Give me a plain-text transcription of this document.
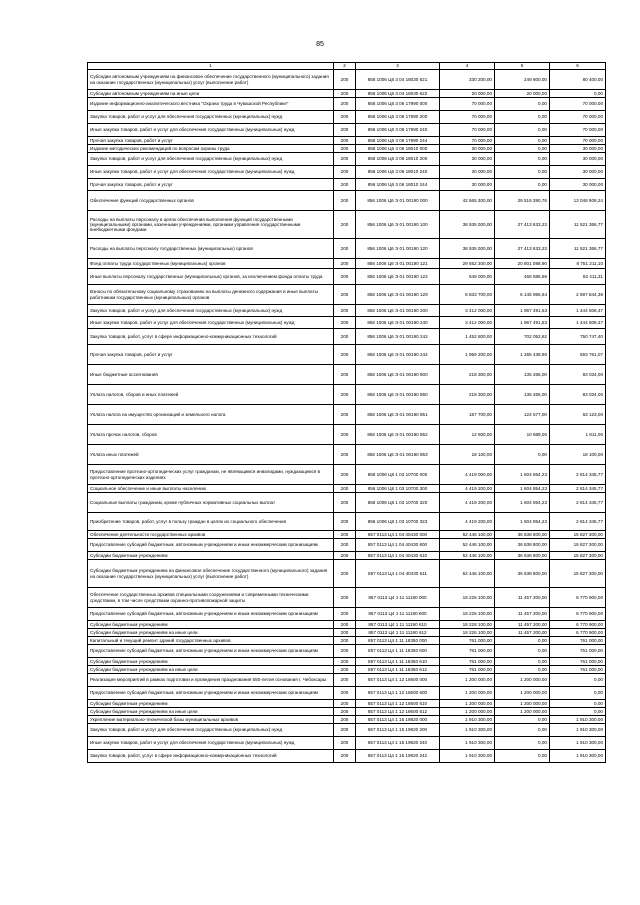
85
1	2	3	4	5	6
Субсидии автономным учреждениям на финансовое обеспечение государственного (муниципального) задания на оказание государственных (муниципальных) услуг (выполнение работ)	200	856 1006 Ц6 3 04 18030 621	330 200,00	249 800,00	80 400,00
Субсидии автономным учреждениям на иные цели	200	856 1006 Ц6 3 04 18030 622	20 000,00	20 000,00	0,00
Издание информационно-аналитического вестника "Охрана труда в Чувашской Республике"	200	856 1006 Ц6 3 06 17990 000	70 000,00	0,00	70 000,00
Закупка товаров, работ и услуг для обеспечения государственных (муниципальных) нужд	200	856 1006 Ц6 3 06 17990 200	70 000,00	0,00	70 000,00
Иные закупки товаров, работ и услуг для обеспечения государственных (муниципальных) нужд	200	856 1006 Ц6 3 06 17990 240	70 000,00	0,00	70 000,00
Прочая закупка товаров, работ и услуг	200	856 1006 Ц6 3 06 17990 244	70 000,00	0,00	70 000,00
Издание методических рекомендаций по вопросам охраны труда	200	856 1006 Ц6 3 06 18010 000	30 000,00	0,00	30 000,00
Закупка товаров, работ и услуг для обеспечения государственных (муниципальных) нужд	200	856 1006 Ц6 3 06 18010 200	30 000,00	0,00	30 000,00
Иные закупки товаров, работ и услуг для обеспечения государственных (муниципальных) нужд	200	856 1006 Ц6 3 06 18010 240	30 000,00	0,00	30 000,00
Прочая закупка товаров, работ и услуг	200	856 1006 Ц6 3 06 18010 244	30 000,00	0,00	30 000,00
Обеспечение функций государственных органов	200	856 1006 Ц6 Э 01 00190 000	42 565 300,00	29 516 390,76	13 048 909,24
Расходы на выплаты персоналу в целях обеспечения выполнения функций государственными (муниципальными) органами, казенными учреждениями, органами управления государственными внебюджетными фондами	200	856 1006 Ц6 Э 01 00190 100	38 935 000,00	27 413 633,23	11 521 366,77
Расходы на выплаты персоналу государственных (муниципальных) органов	200	856 1006 Ц6 Э 01 00190 120	38 935 000,00	27 413 633,23	11 521 366,77
Фонд оплаты труда государственных (муниципальных) органов	200	856 1006 Ц6 Э 01 00190 121	29 552 300,00	20 801 088,90	8 751 211,10
Иные выплаты персоналу государственных (муниципальных) органов, за исключением фонда оплаты труда	200	856 1006 Ц6 Э 01 00190 122	549 000,00	466 588,69	82 411,31
Взносы по обязательному социальному страхованию на выплаты денежного содержания и иные выплаты работникам государственных (муниципальных) органов	200	856 1006 Ц6 Э 01 00190 129	8 833 700,00	6 145 955,64	2 687 844,36
Закупка товаров, работ и услуг для обеспечения государственных (муниципальных) нужд	200	856 1006 Ц6 Э 01 00190 200	3 412 000,00	1 967 491,53	1 444 508,47
Иные закупки товаров, работ и услуг для обеспечения государственных (муниципальных) нужд	200	856 1006 Ц6 Э 01 00190 240	3 412 000,00	1 967 491,53	1 444 508,47
Закупка товаров, работ, услуг в сфере информационно-коммуникационных технологий	200	856 1006 Ц6 Э 01 00190 242	1 452 800,00	702 052,62	750 747,40
Прочая закупка товаров, работ и услуг	200	856 1006 Ц6 Э 01 00190 244	1 959 200,00	1 265 438,90	693 761,07
Иные бюджетные ассигнования	200	856 1006 Ц6 Э 01 00190 800	218 300,00	135 266,00	83 034,00
Уплата налогов, сборов и иных платежей	200	856 1006 Ц6 Э 01 00190 850	218 300,00	135 266,00	83 034,00
Уплата налога на имущество организаций и земельного налога	200	856 1006 Ц6 Э 01 00190 851	187 700,00	124 577,00	63 123,00
Уплата прочих налогов, сборов	200	856 1006 Ц6 Э 01 00190 852	12 500,00	10 689,00	1 811,00
Уплата иных платежей	200	856 1006 Ц6 Э 01 00190 853	18 100,00	0,00	18 100,00
Предоставление протезно-ортопедических услуг гражданам, не являющимся инвалидами, нуждающимся в протезно-ортопедических изделиях	200	856 1006 Ц8 1 03 10700 000	4 419 000,00	1 604 854,23	2 814 345,77
Социальное обеспечение и иные выплаты населению	200	856 1006 Ц8 1 03 10700 300	4 419 200,00	1 604 854,23	2 814 345,77
Социальные выплаты гражданам, кроме публичных нормативных социальных выплат	200	856 1006 Ц8 1 03 10700 320	4 419 200,00	1 604 854,23	2 814 345,77
Приобретение товаров, работ, услуг в пользу граждан в целях их социального обеспечения	200	856 1006 Ц8 1 03 10700 323	4 419 200,00	1 604 854,23	2 814 345,77
Обеспечение деятельности государственных архивов	200	857 0113 Ц4 1 04 40430 000	52 446 100,00	36 638 800,00	15 827 300,00
Предоставление субсидий бюджетным, автономным учреждениям и иным некоммерческим организациям	200	857 0113 Ц4 1 04 40430 600	52 446 100,00	36 638 800,00	15 827 300,00
Субсидии бюджетным учреждениям	200	857 0113 Ц4 1 04 40430 610	52 446 100,00	36 638 800,00	15 827 300,00
Субсидии бюджетным учреждениям на финансовое обеспечение государственного (муниципального) задания на оказание государственных (муниципальных) услуг (выполнение работ)	200	857 0113 Ц4 1 04 40430 611	52 446 100,00	36 638 800,00	15 827 300,00
Обеспечение государственных архивов специальными сооружениями и современными техническими средствами, в том числе средствами охранно-противопожарной защиты	200	857 0113 Ц4 1 11 11190 000	18 226 100,00	11 457 200,00	6 770 900,00
Предоставление субсидий бюджетным, автономным учреждениям и иным некоммерческим организациям	200	857 0113 Ц4 1 11 11190 600	18 226 100,00	11 457 200,00	6 770 900,00
Субсидии бюджетным учреждениям	200	857 0113 Ц4 1 11 11190 610	18 228 100,00	11 457 200,00	6 770 900,00
Субсидии бюджетным учреждениям на иные цели	200	857 0113 Ц4 1 11 11190 612	18 226 100,00	11 457 200,00	6 770 900,00
Капитальный и текущий ремонт зданий государственных архивов	200	857 0113 Ц4 1 11 18350 000	761 000,00	0,00	761 000,00
Предоставление субсидий бюджетным, автономным учреждениям и иным некоммерческим организациям	200	857 0113 Ц4 1 11 18350 600	761 000,00	0,00	761 000,00
Субсидии бюджетным учреждениям	200	857 0113 Ц4 1 11 18350 610	761 000,00	0,00	761 000,00
Субсидии бюджетным учреждениям на иные цели	200	857 0113 Ц4 1 11 18350 612	761 000,00	0,00	761 000,00
Реализация мероприятий в рамках подготовки и проведения празднования 550-летия основания г. Чебоксары	200	857 0113 Ц4 1 12 18600 000	1 200 000,00	1 200 000,00	0,00
Предоставление субсидий бюджетным, автономным учреждениям и иным некоммерческим организациям	200	857 0113 Ц4 1 12 18600 600	1 200 000,00	1 200 000,00	0,00
Субсидии бюджетным учреждениям	200	857 0113 Ц4 1 12 18600 610	1 200 000,00	1 200 000,00	0,00
Субсидии бюджетным учреждениям на иные цели	200	857 0113 Ц4 1 12 18600 612	1 200 000,00	1 200 000,00	0,00
Укрепление материально-технической базы муниципальных архивов	200	857 0113 Ц4 1 15 19820 000	1 910 300,00	0,00	1 910 300,00
Закупка товаров, работ и услуг для обеспечения государственных (муниципальных) нужд	200	857 0113 Ц4 1 15 19820 200	1 910 300,00	0,00	1 910 300,00
Иные закупки товаров, работ и услуг для обеспечения государственных (муниципальных) нужд	200	857 0113 Ц4 1 15 19820 240	1 910 300,00	0,00	1 910 300,00
Закупка товаров, работ, услуг в сфере информационно-коммуникационных технологий	200	857 0113 Ц4 1 15 19820 242	1 910 300,00	0,00	1 910 300,00
